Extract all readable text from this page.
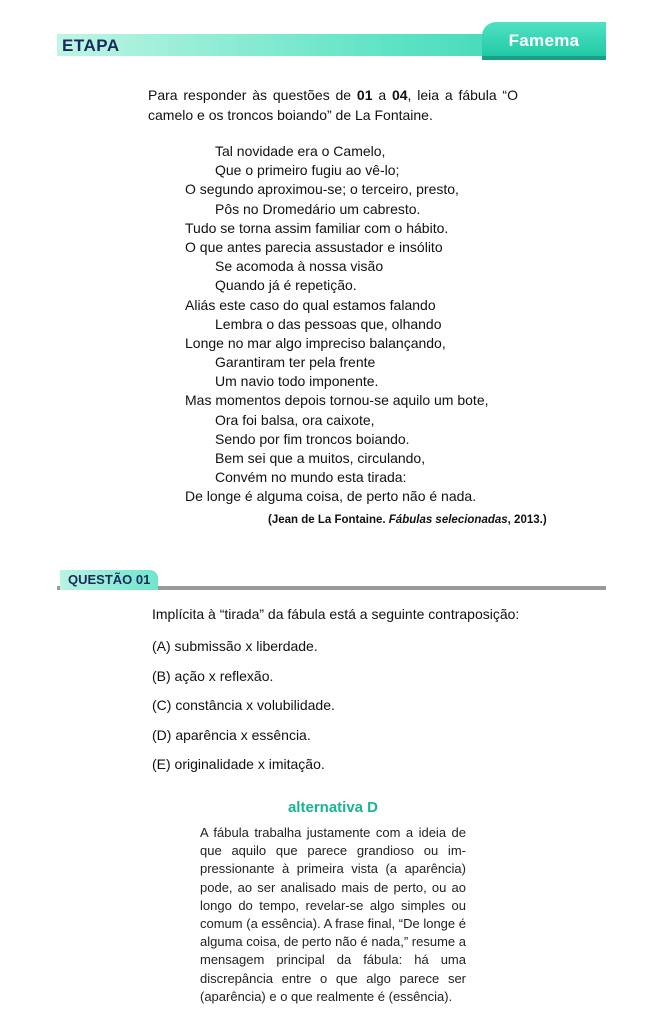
ETAPA	Famema

Para responder às questões de 01 a 04, leia a fábula “O camelo e os troncos boiando” de La Fontaine.

Tal novidade era o Camelo,
Que o primeiro fugiu ao vê-lo;
O segundo aproximou-se; o terceiro, presto,
Pôs no Dromedário um cabresto.
Tudo se torna assim familiar com o hábito.
O que antes parecia assustador e insólito
Se acomoda à nossa visão
Quando já é repetição.
Aliás este caso do qual estamos falando
Lembra o das pessoas que, olhando
Longe no mar algo impreciso balançando,
Garantiram ter pela frente
Um navio todo imponente.
Mas momentos depois tornou-se aquilo um bote,
Ora foi balsa, ora caixote,
Sendo por fim troncos boiando.
Bem sei que a muitos, circulando,
Convém no mundo esta tirada:
De longe é alguma coisa, de perto não é nada.
(Jean de La Fontaine. Fábulas selecionadas, 2013.)
QUESTÃO 01
Implícita à “tirada” da fábula está a seguinte contraposição:
(A) submissão x liberdade.
(B) ação x reflexão.
(C) constância x volubilidade.
(D) aparência x essência.
(E) originalidade x imitação.
alternativa D

A fábula trabalha justamente com a ideia de que aquilo que parece grandioso ou impressionante à primeira vista (a aparência) pode, ao ser analisado mais de perto, ou ao longo do tempo, revelar-se algo simples ou comum (a essência). A frase final, “De longe é alguma coisa, de perto não é nada,” resume a mensagem principal da fábula: há uma discrepância entre o que algo parece ser (aparência) e o que realmente é (essência).
